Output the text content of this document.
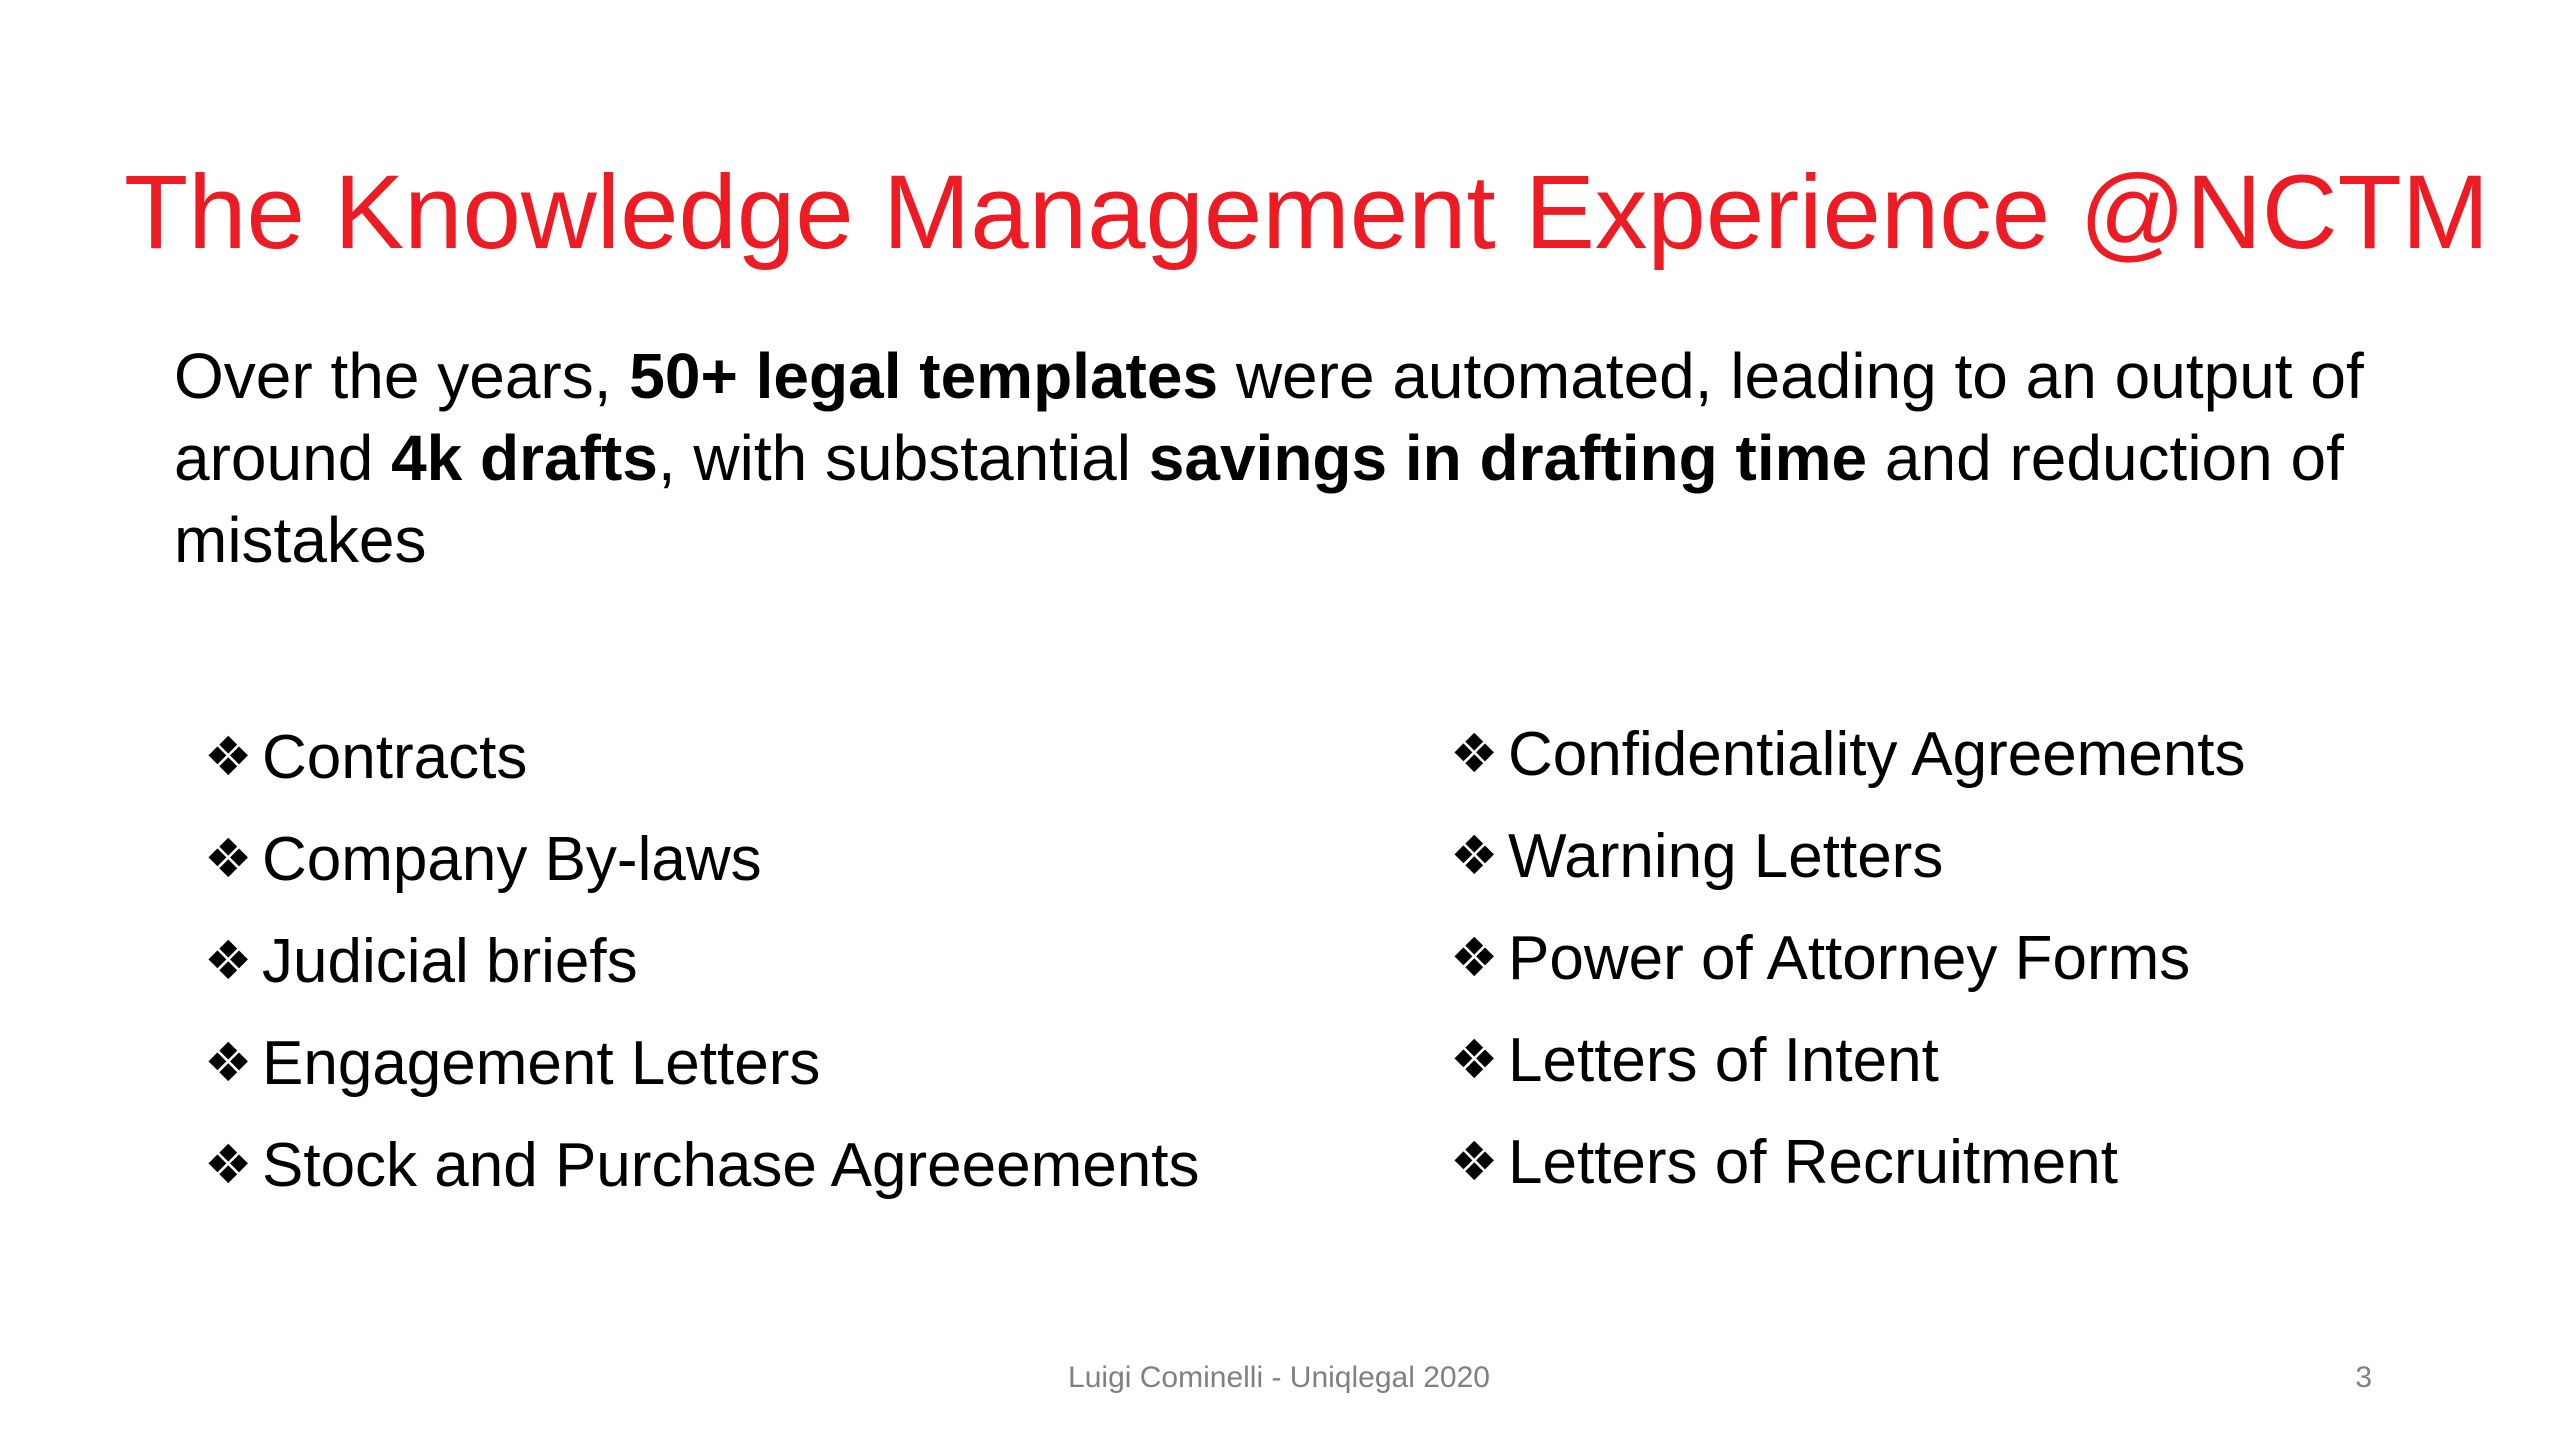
The Knowledge Management Experience @NCTM
Over the years, 50+ legal templates were automated, leading to an output of around 4k drafts, with substantial savings in drafting time and reduction of mistakes
❖ Contracts
❖ Company By-laws
❖ Judicial briefs
❖ Engagement Letters
❖ Stock and Purchase Agreeements
❖ Confidentiality Agreements
❖ Warning Letters
❖ Power of Attorney Forms
❖ Letters of Intent
❖ Letters of Recruitment
Luigi Cominelli - Uniqlegal 2020	3
